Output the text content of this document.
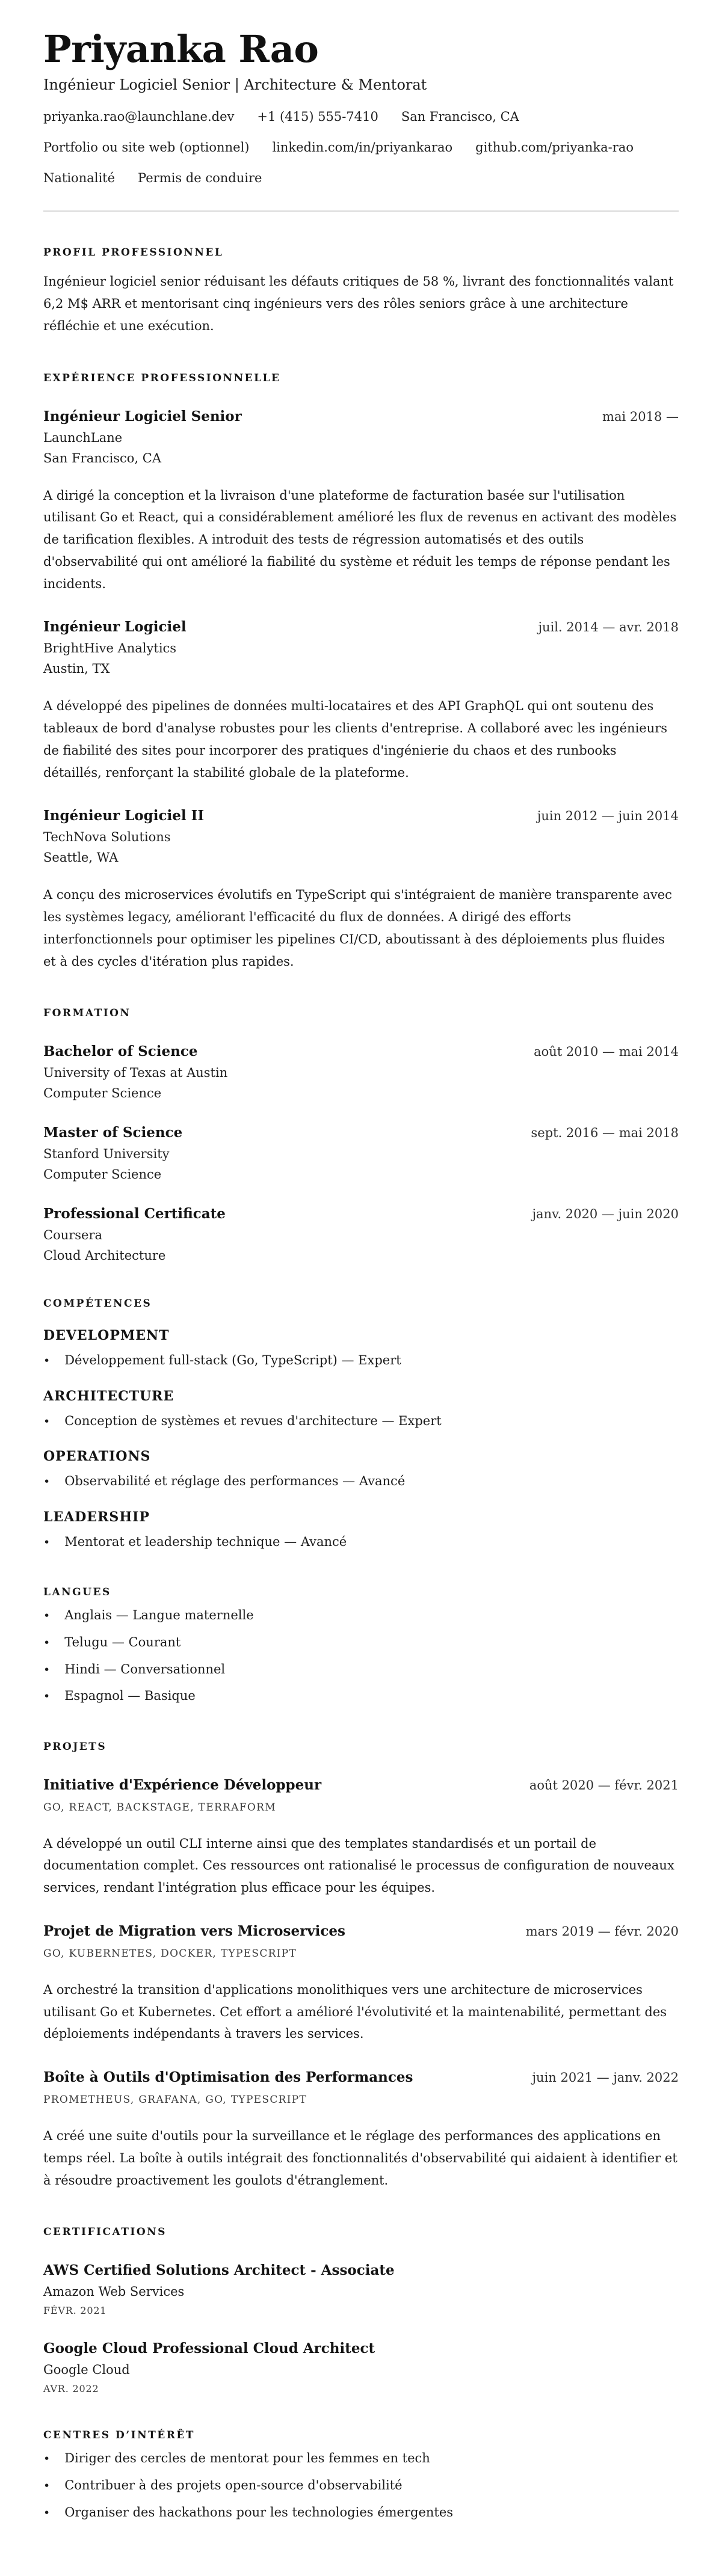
Priyanka Rao
Ingénieur Logiciel Senior | Architecture & Mentorat
priyanka.rao@launchlane.dev +1 (415) 555-7410 San Francisco, CA
Portfolio ou site web (optionnel) linkedin.com/in/priyankarao github.com/priyanka-rao
Nationalité Permis de conduire
PROFIL PROFESSIONNEL

Ingénieur logiciel senior réduisant les défauts critiques de 58 %, livrant des fonctionnalités valant 6,2 M$ ARR et mentorisant cinq ingénieurs vers des rôles seniors grâce à une architecture réfléchie et une exécution.

EXPÉRIENCE PROFESSIONNELLE
Ingénieur Logiciel Senior	mai 2018 —
LaunchLane
San Francisco, CA

A dirigé la conception et la livraison d'une plateforme de facturation basée sur l'utilisation utilisant Go et React, qui a considérablement amélioré les flux de revenus en activant des modèles de tarification flexibles. A introduit des tests de régression automatisés et des outils d'observabilité qui ont amélioré la fiabilité du système et réduit les temps de réponse pendant les incidents.

Ingénieur Logiciel	juil. 2014 — avr. 2018
BrightHive Analytics
Austin, TX

A développé des pipelines de données multi-locataires et des API GraphQL qui ont soutenu des tableaux de bord d'analyse robustes pour les clients d'entreprise. A collaboré avec les ingénieurs de fiabilité des sites pour incorporer des pratiques d'ingénierie du chaos et des runbooks détaillés, renforçant la stabilité globale de la plateforme.

Ingénieur Logiciel II	juin 2012 — juin 2014
TechNova Solutions
Seattle, WA

A conçu des microservices évolutifs en TypeScript qui s'intégraient de manière transparente avec les systèmes legacy, améliorant l'efficacité du flux de données. A dirigé des efforts interfonctionnels pour optimiser les pipelines CI/CD, aboutissant à des déploiements plus fluides et à des cycles d'itération plus rapides.

FORMATION
Bachelor of Science	août 2010 — mai 2014
University of Texas at Austin
Computer Science
Master of Science	sept. 2016 — mai 2018
Stanford University
Computer Science
Professional Certificate	janv. 2020 — juin 2020
Coursera
Cloud Architecture
COMPÉTENCES
DEVELOPMENT
• Développement full-stack (Go, TypeScript) — Expert
ARCHITECTURE
• Conception de systèmes et revues d'architecture — Expert
OPERATIONS
• Observabilité et réglage des performances — Avancé
LEADERSHIP
• Mentorat et leadership technique — Avancé
LANGUES
• Anglais — Langue maternelle
• Telugu — Courant
• Hindi — Conversationnel
• Espagnol — Basique
PROJETS
Initiative d'Expérience Développeur	août 2020 — févr. 2021
GO, REACT, BACKSTAGE, TERRAFORM

A développé un outil CLI interne ainsi que des templates standardisés et un portail de documentation complet. Ces ressources ont rationalisé le processus de configuration de nouveaux services, rendant l'intégration plus efficace pour les équipes.

Projet de Migration vers Microservices	mars 2019 — févr. 2020
GO, KUBERNETES, DOCKER, TYPESCRIPT

A orchestré la transition d'applications monolithiques vers une architecture de microservices utilisant Go et Kubernetes. Cet effort a amélioré l'évolutivité et la maintenabilité, permettant des déploiements indépendants à travers les services.

Boîte à Outils d'Optimisation des Performances	juin 2021 — janv. 2022
PROMETHEUS, GRAFANA, GO, TYPESCRIPT

A créé une suite d'outils pour la surveillance et le réglage des performances des applications en temps réel. La boîte à outils intégrait des fonctionnalités d'observabilité qui aidaient à identifier et à résoudre proactivement les goulots d'étranglement.

CERTIFICATIONS
AWS Certified Solutions Architect - Associate
Amazon Web Services
FÉVR. 2021
Google Cloud Professional Cloud Architect
Google Cloud
AVR. 2022
CENTRES D’INTÉRÊT
• Diriger des cercles de mentorat pour les femmes en tech
• Contribuer à des projets open-source d'observabilité
• Organiser des hackathons pour les technologies émergentes
